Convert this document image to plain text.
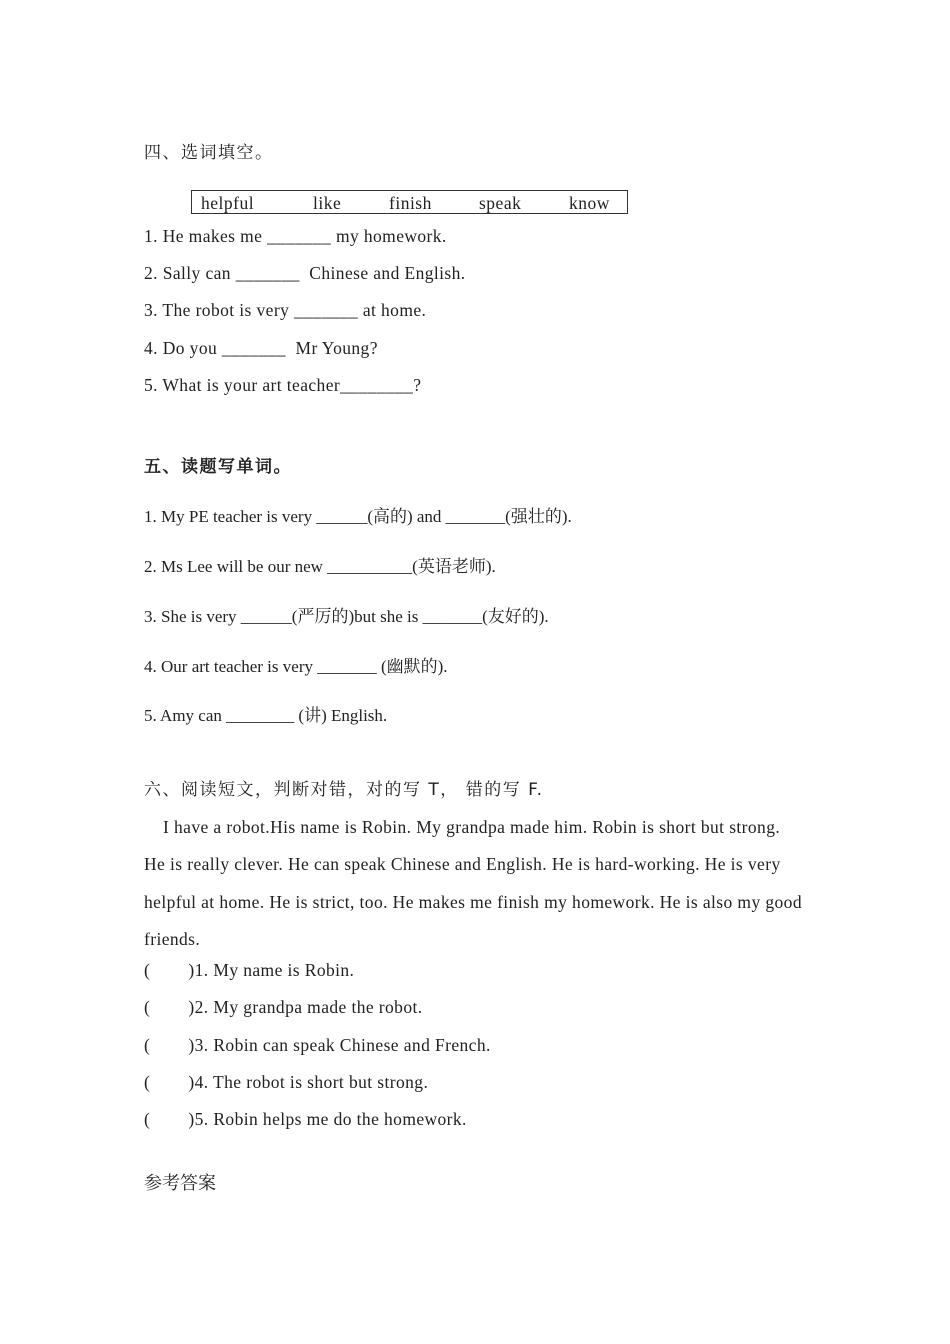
四、选词填空。
helpful	like	finish	speak	know
1. He makes me _______ my homework.
2. Sally can _______  Chinese and English.
3. The robot is very _______ at home.
4. Do you _______  Mr Young?
5. What is your art teacher________?
五、读题写单词。
1. My PE teacher is very ______(高的) and _______(强壮的).
2. Ms Lee will be our new __________(英语老师).
3. She is very ______(严厉的)but she is _______(友好的).
4. Our art teacher is very _______ (幽默的).
5. Amy can ________ (讲) English.
六、阅读短文，判断对错，对的写 T， 错的写 F.

I have a robot.His name is Robin. My grandpa made him. Robin is short but strong. He is really clever. He can speak Chinese and English. He is hard-working. He is very helpful at home. He is strict, too. He makes me finish my homework. He is also my good friends.

(        )1. My name is Robin.
(        )2. My grandpa made the robot.
(        )3. Robin can speak Chinese and French.
(        )4. The robot is short but strong.
(        )5. Robin helps me do the homework.
参考答案
